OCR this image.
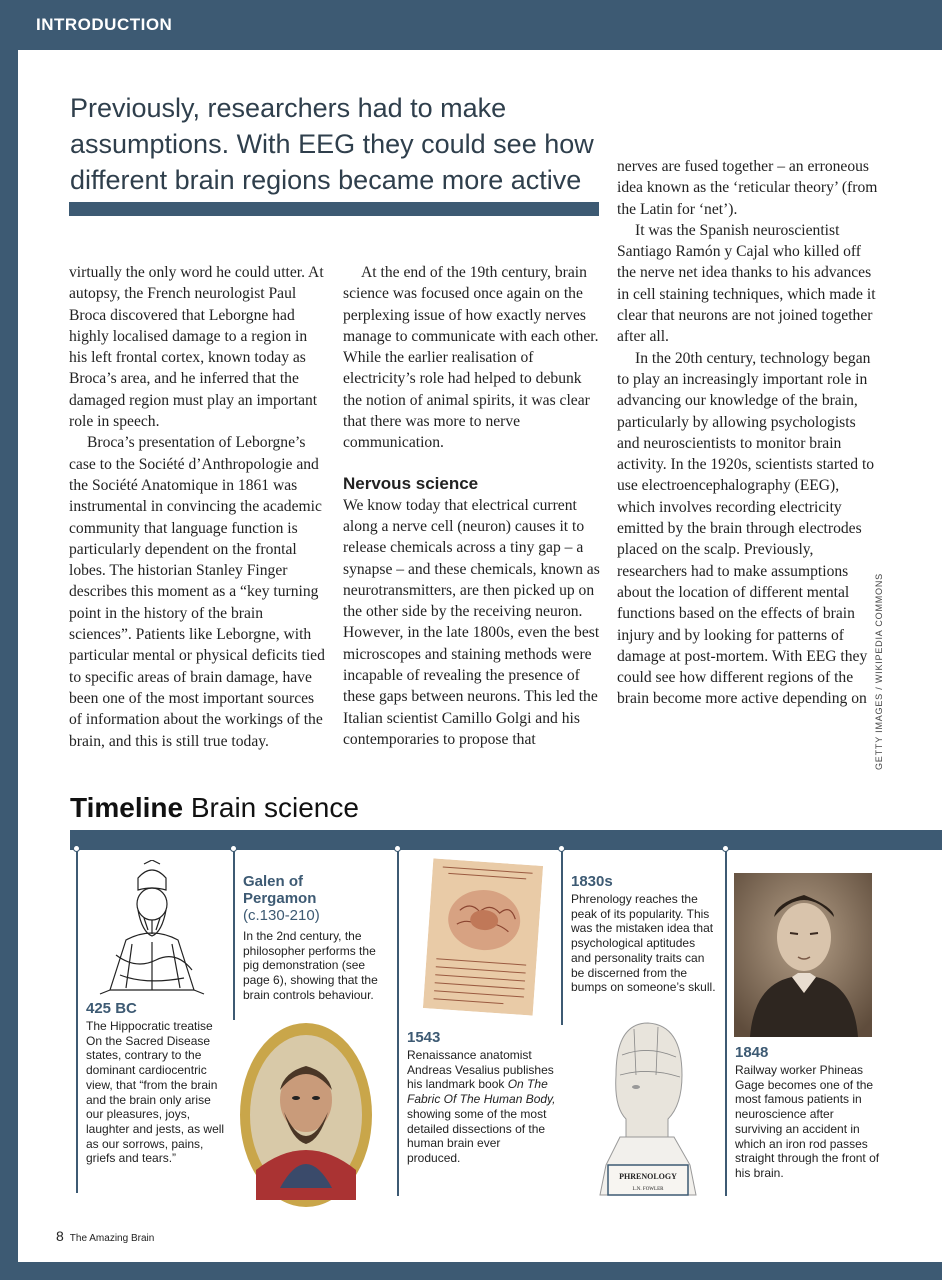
INTRODUCTION
Previously, researchers had to make assumptions. With EEG they could see how different brain regions became more active

virtually the only word he could utter. At autopsy, the French neurologist Paul Broca discovered that Leborgne had highly localised damage to a region in his left frontal cortex, known today as Broca’s area, and he inferred that the damaged region must play an important role in speech.

Broca’s presentation of Leborgne’s case to the Société d’Anthropologie and the Société Anatomique in 1861 was instrumental in convincing the academic community that language function is particularly dependent on the frontal lobes. The historian Stanley Finger describes this moment as a “key turning point in the history of the brain sciences”. Patients like Leborgne, with particular mental or physical deficits tied to specific areas of brain damage, have been one of the most important sources of information about the workings of the brain, and this is still true today.

At the end of the 19th century, brain science was focused once again on the perplexing issue of how exactly nerves manage to communicate with each other. While the earlier realisation of electricity’s role had helped to debunk the notion of animal spirits, it was clear that there was more to nerve communication.

Nervous science

We know today that electrical current along a nerve cell (neuron) causes it to release chemicals across a tiny gap – a synapse – and these chemicals, known as neurotransmitters, are then picked up on the other side by the receiving neuron. However, in the late 1800s, even the best microscopes and staining methods were incapable of revealing the presence of these gaps between neurons. This led the Italian scientist Camillo Golgi and his contemporaries to propose that

nerves are fused together – an erroneous idea known as the ‘reticular theory’ (from the Latin for ‘net’).

It was the Spanish neuroscientist Santiago Ramón y Cajal who killed off the nerve net idea thanks to his advances in cell staining techniques, which made it clear that neurons are not joined together after all.

In the 20th century, technology began to play an increasingly important role in advancing our knowledge of the brain, particularly by allowing psychologists and neuroscientists to monitor brain activity. In the 1920s, scientists started to use electroencephalography (EEG), which involves recording electricity emitted by the brain through electrodes placed on the scalp. Previously, researchers had to make assumptions about the location of different mental functions based on the effects of brain injury and by looking for patterns of damage at post-mortem. With EEG they could see how different regions of the brain become more active depending on GETTY IMAGES / WIKIPEDIA COMMONS
Timeline Brain science
425 BC
The Hippocratic treatise On the Sacred Disease states, contrary to the dominant cardiocentric view, that “from the brain and the brain only arise our pleasures, joys, laughter and jests, as well as our sorrows, pains, griefs and tears.”
Galen of Pergamon
(c.130-210)
In the 2nd century, the philosopher performs the pig demonstration (see page 6), showing that the brain controls behaviour.
1543
Renaissance anatomist Andreas Vesalius publishes his landmark book On The Fabric Of The Human Body, showing some of the most detailed dissections of the human brain ever produced.
1830s
Phrenology reaches the peak of its popularity. This was the mistaken idea that psychological aptitudes and personality traits can be discerned from the bumps on someone’s skull.
PHRENOLOGY
L.N. FOWLER
1848
Railway worker Phineas Gage becomes one of the most famous patients in neuroscience after surviving an accident in which an iron rod passes straight through the front of his brain.
8 The Amazing Brain
